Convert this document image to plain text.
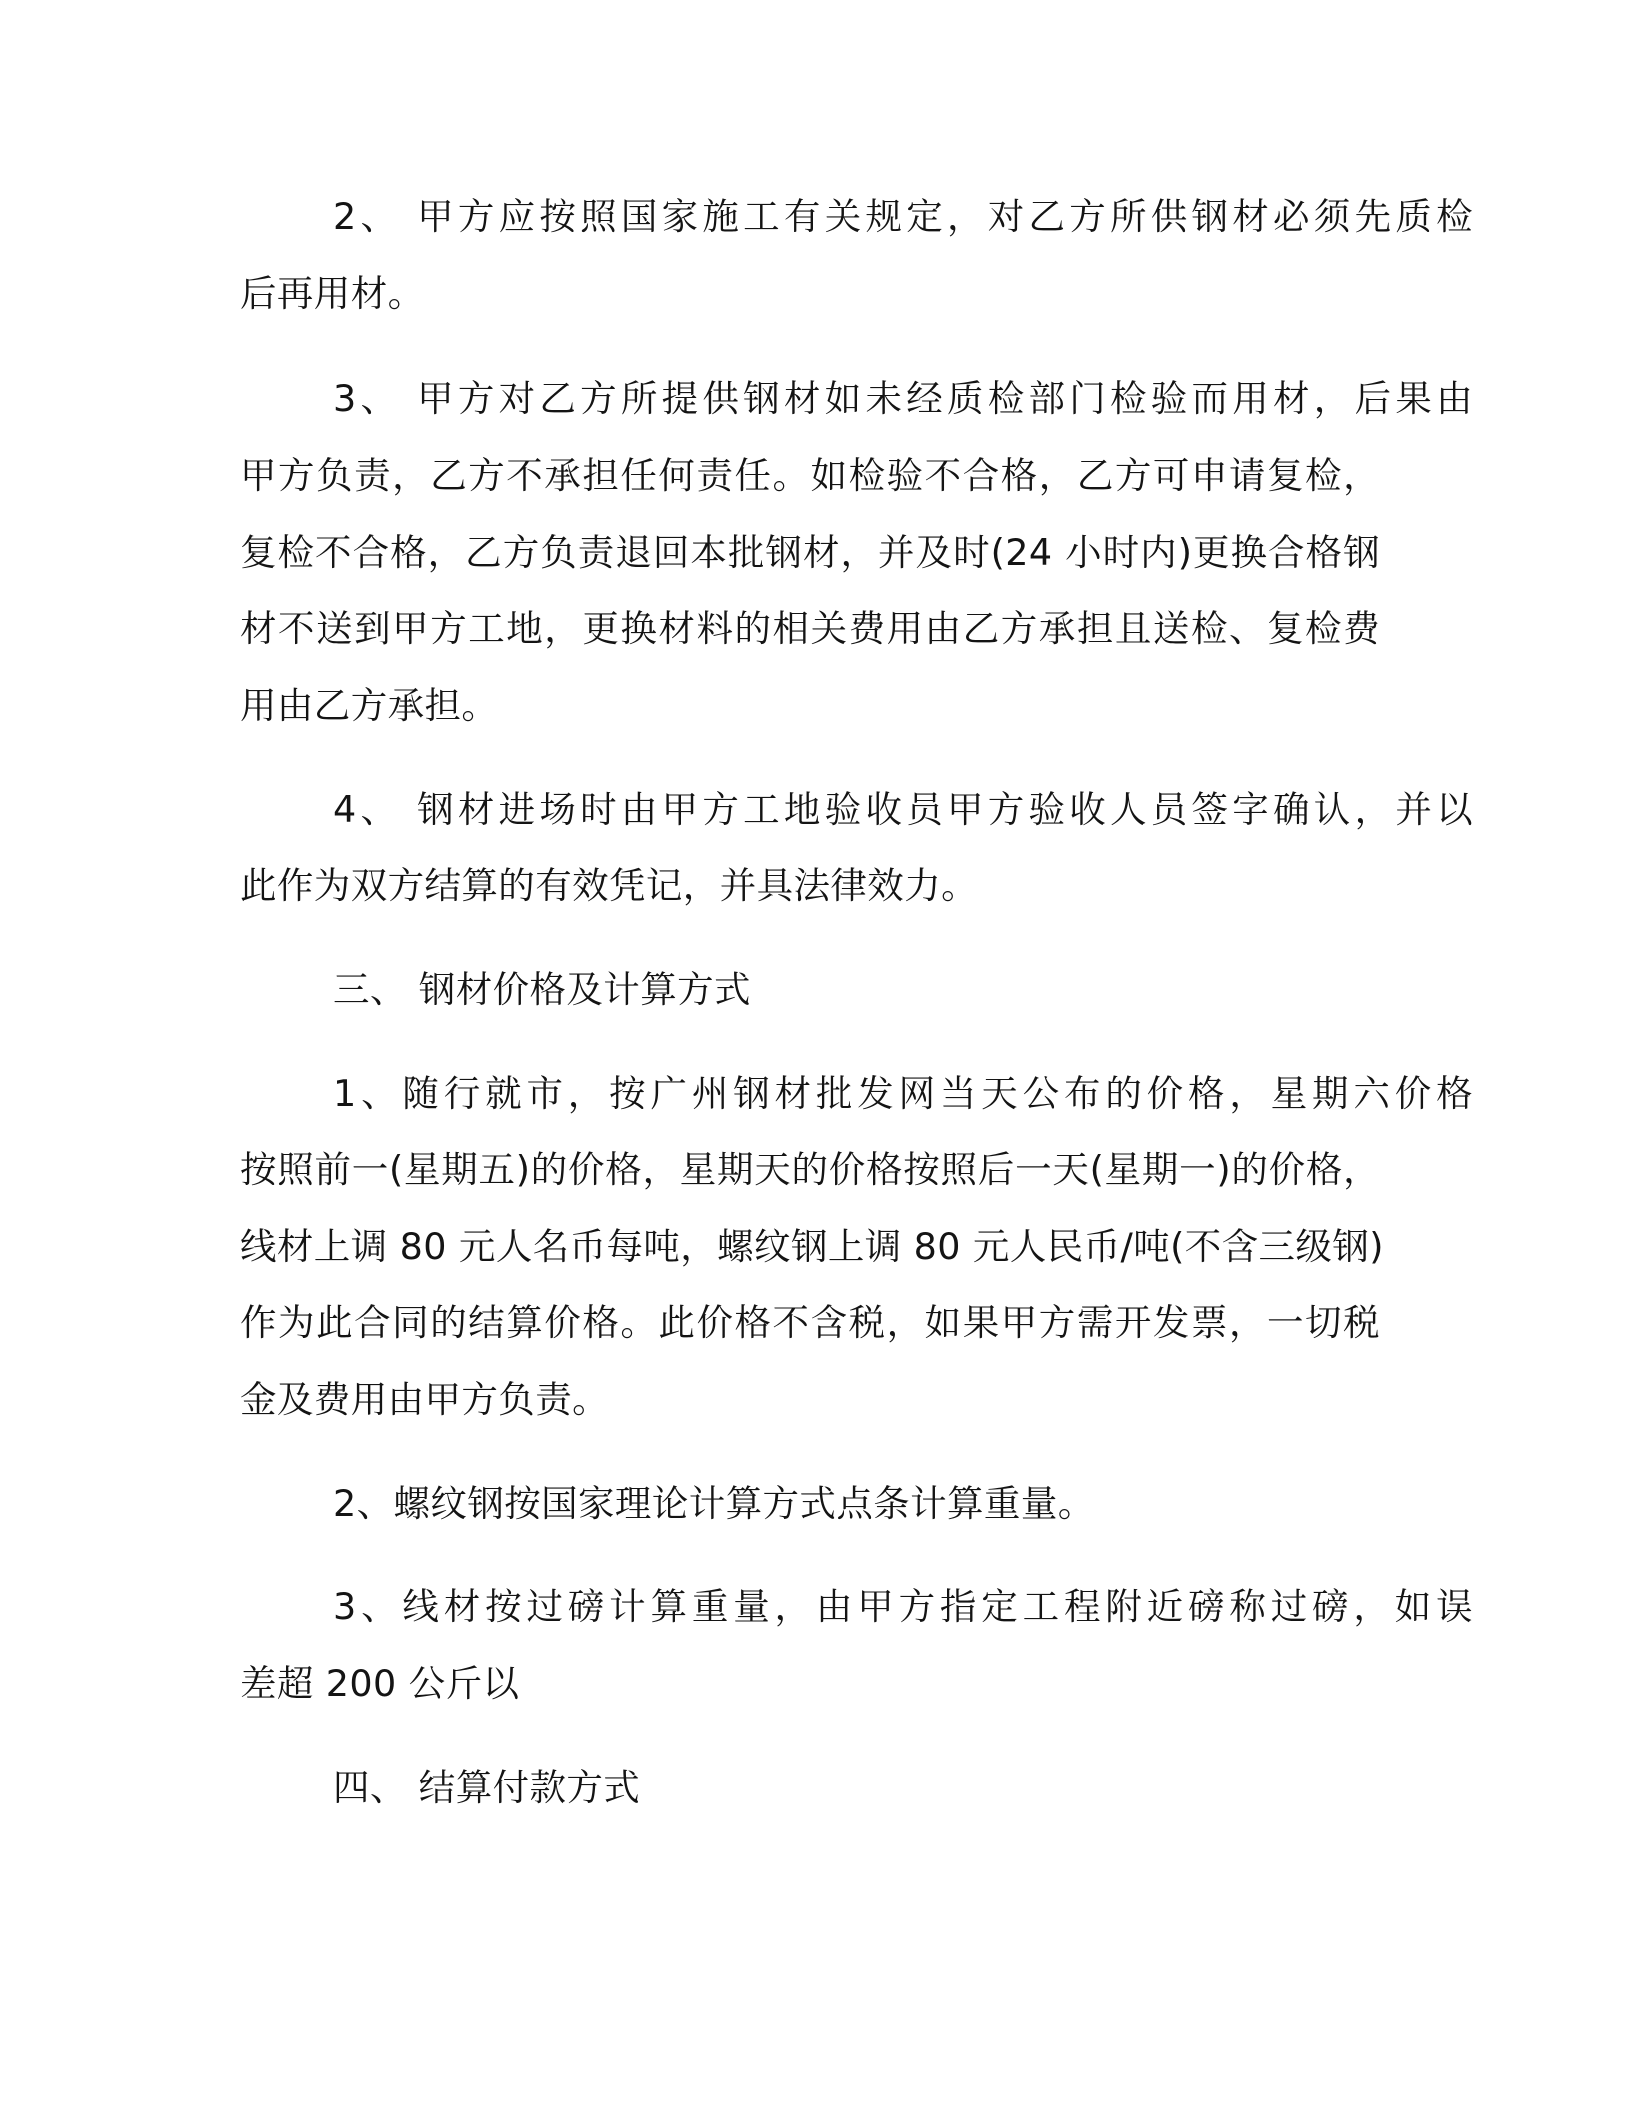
2、 甲方应按照国家施工有关规定，对乙方所供钢材必须先质检
后再用材。
3、 甲方对乙方所提供钢材如未经质检部门检验而用材，后果由
甲方负责，乙方不承担任何责任。如检验不合格，乙方可申请复检，
复检不合格，乙方负责退回本批钢材，并及时(24 小时内)更换合格钢
材不送到甲方工地，更换材料的相关费用由乙方承担且送检、复检费
用由乙方承担。
4、 钢材进场时由甲方工地验收员甲方验收人员签字确认，并以
此作为双方结算的有效凭记，并具法律效力。
三、 钢材价格及计算方式
1、随行就市，按广州钢材批发网当天公布的价格，星期六价格
按照前一(星期五)的价格，星期天的价格按照后一天(星期一)的价格，
线材上调 80 元人名币每吨，螺纹钢上调 80 元人民币/吨(不含三级钢)
作为此合同的结算价格。此价格不含税，如果甲方需开发票，一切税
金及费用由甲方负责。
2、螺纹钢按国家理论计算方式点条计算重量。
3、线材按过磅计算重量，由甲方指定工程附近磅称过磅，如误
差超 200 公斤以
四、 结算付款方式
